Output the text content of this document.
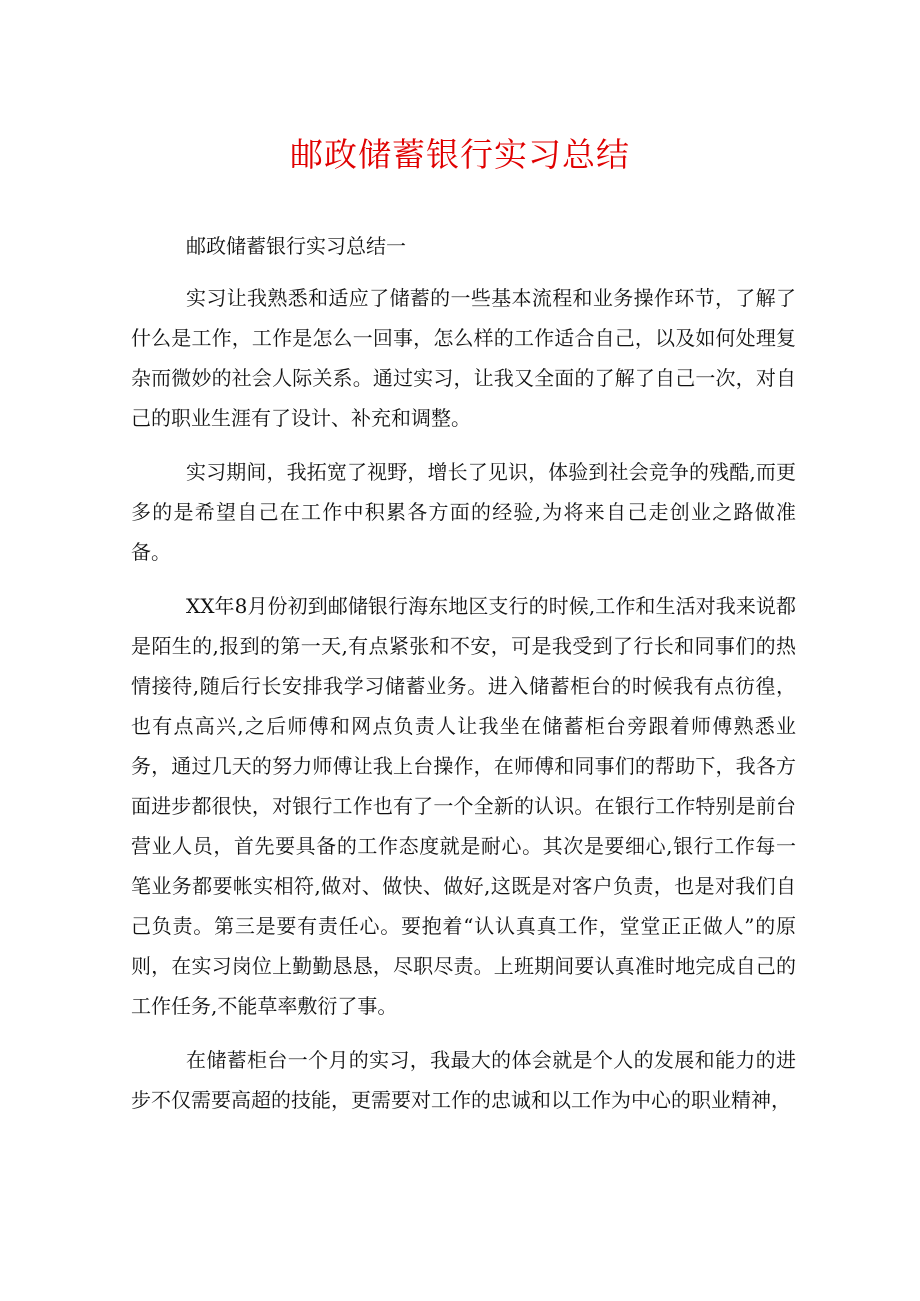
邮政储蓄银行实习总结

邮政储蓄银行实习总结一

实习让我熟悉和适应了储蓄的一些基本流程和业务操作环节，了解了什么是工作，工作是怎么一回事，怎么样的工作适合自己，以及如何处理复杂而微妙的社会人际关系。通过实习，让我又全面的了解了自己一次，对自己的职业生涯有了设计、补充和调整。

实习期间，我拓宽了视野，增长了见识，体验到社会竞争的残酷,而更多的是希望自己在工作中积累各方面的经验,为将来自己走创业之路做准备。

XX年8月份初到邮储银行海东地区支行的时候,工作和生活对我来说都是陌生的,报到的第一天,有点紧张和不安，可是我受到了行长和同事们的热情接待,随后行长安排我学习储蓄业务。进入储蓄柜台的时候我有点彷徨，也有点高兴,之后师傅和网点负责人让我坐在储蓄柜台旁跟着师傅熟悉业务，通过几天的努力师傅让我上台操作，在师傅和同事们的帮助下，我各方面进步都很快，对银行工作也有了一个全新的认识。在银行工作特别是前台营业人员，首先要具备的工作态度就是耐心。其次是要细心,银行工作每一笔业务都要帐实相符,做对、做快、做好,这既是对客户负责，也是对我们自己负责。第三是要有责任心。要抱着“认认真真工作，堂堂正正做人”的原则，在实习岗位上勤勤恳恳，尽职尽责。上班期间要认真准时地完成自己的工作任务,不能草率敷衍了事。

在储蓄柜台一个月的实习，我最大的体会就是个人的发展和能力的进步不仅需要高超的技能，更需要对工作的忠诚和以工作为中心的职业精神，
